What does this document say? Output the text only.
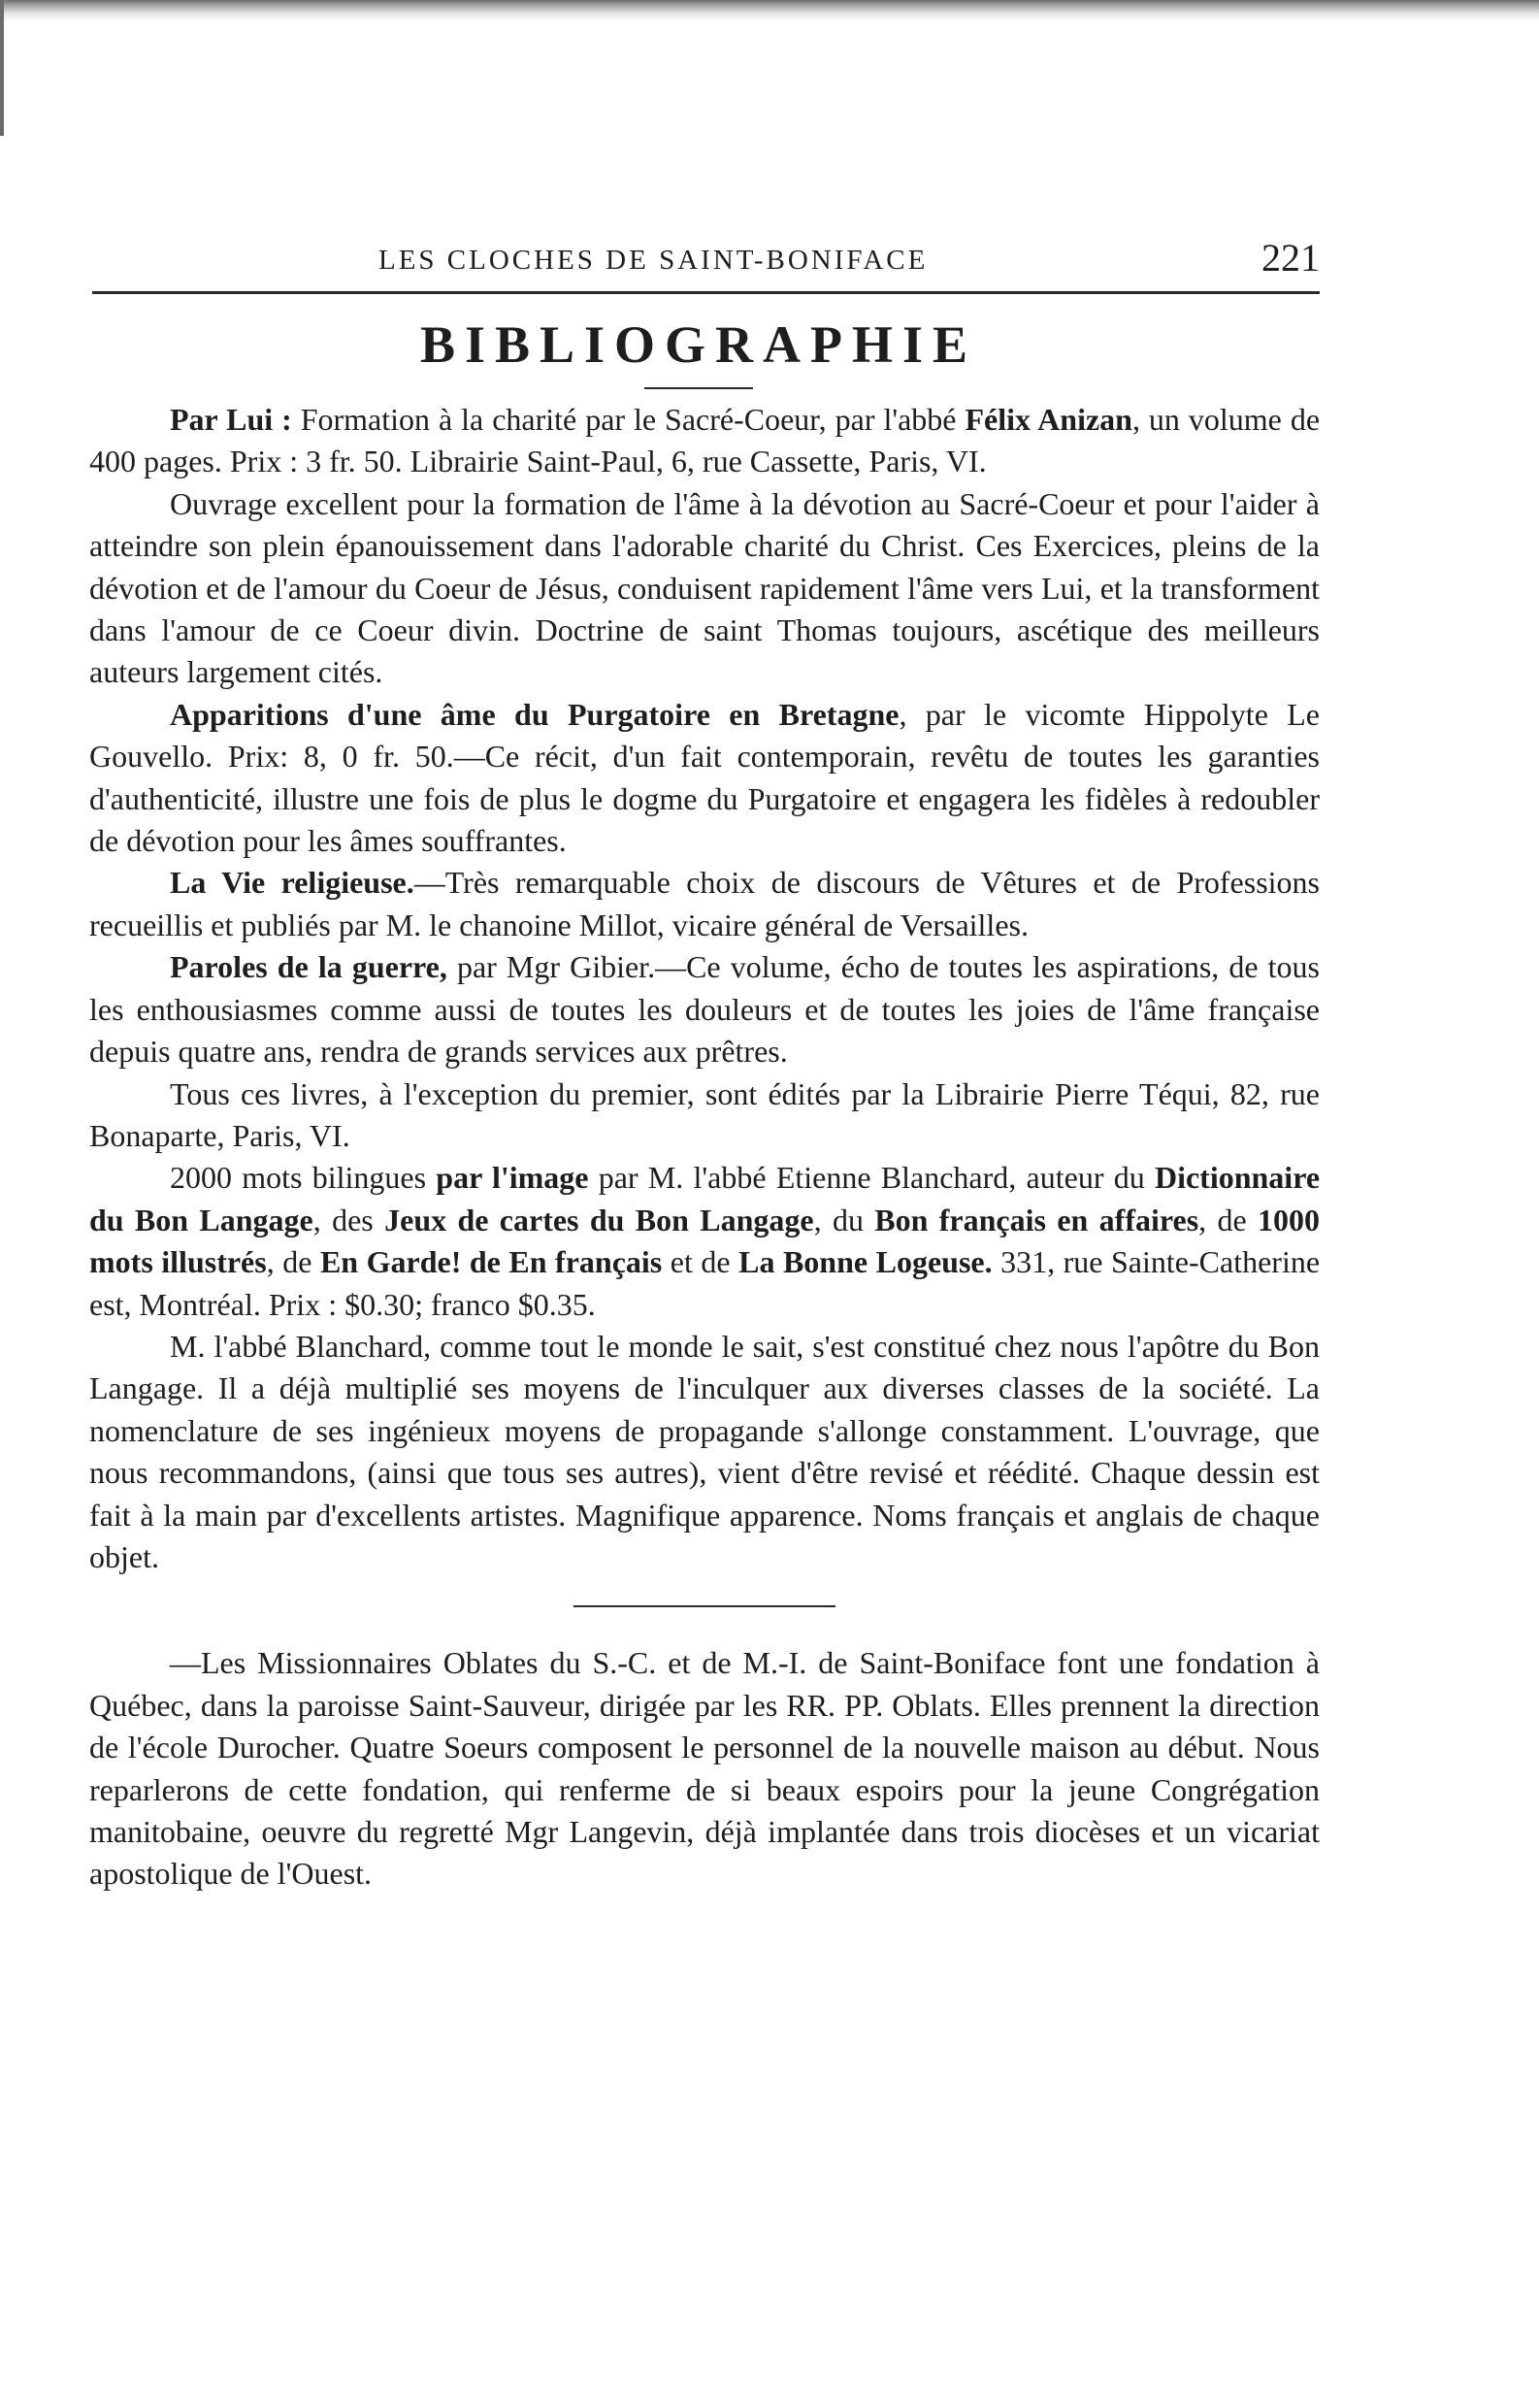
LES CLOCHES DE SAINT-BONIFACE	221
BIBLIOGRAPHIE

Par Lui : Formation à la charité par le Sacré-Coeur, par l'abbé Félix Anizan, un volume de 400 pages. Prix : 3 fr. 50. Librairie Saint-Paul, 6, rue Cassette, Paris, VI.

Ouvrage excellent pour la formation de l'âme à la dévotion au Sacré-Coeur et pour l'aider à atteindre son plein épanouissement dans l'adorable charité du Christ. Ces Exercices, pleins de la dévotion et de l'amour du Coeur de Jésus, conduisent rapidement l'âme vers Lui, et la transforment dans l'amour de ce Coeur divin. Doctrine de saint Thomas toujours, ascétique des meilleurs auteurs largement cités.

Apparitions d'une âme du Purgatoire en Bretagne, par le vicomte Hippolyte Le Gouvello. Prix: 8, 0 fr. 50.—Ce récit, d'un fait contemporain, revêtu de toutes les garanties d'authenticité, illustre une fois de plus le dogme du Purgatoire et engagera les fidèles à redoubler de dévotion pour les âmes souffrantes.

La Vie religieuse.—Très remarquable choix de discours de Vêtures et de Professions recueillis et publiés par M. le chanoine Millot, vicaire général de Versailles.

Paroles de la guerre, par Mgr Gibier.—Ce volume, écho de toutes les aspirations, de tous les enthousiasmes comme aussi de toutes les douleurs et de toutes les joies de l'âme française depuis quatre ans, rendra de grands services aux prêtres.

Tous ces livres, à l'exception du premier, sont édités par la Librairie Pierre Téqui, 82, rue Bonaparte, Paris, VI.

2000 mots bilingues par l'image par M. l'abbé Etienne Blanchard, auteur du Dictionnaire du Bon Langage, des Jeux de cartes du Bon Langage, du Bon français en affaires, de 1000 mots illustrés, de En Garde! de En français et de La Bonne Logeuse. 331, rue Sainte-Catherine est, Montréal. Prix : $0.30; franco $0.35.

M. l'abbé Blanchard, comme tout le monde le sait, s'est constitué chez nous l'apôtre du Bon Langage. Il a déjà multiplié ses moyens de l'inculquer aux diverses classes de la société. La nomenclature de ses ingénieux moyens de propagande s'allonge constamment. L'ouvrage, que nous recommandons, (ainsi que tous ses autres), vient d'être revisé et réédité. Chaque dessin est fait à la main par d'excellents artistes. Magnifique apparence. Noms français et anglais de chaque objet.

—Les Missionnaires Oblates du S.-C. et de M.-I. de Saint-Boniface font une fondation à Québec, dans la paroisse Saint-Sauveur, dirigée par les RR. PP. Oblats. Elles prennent la direction de l'école Durocher. Quatre Soeurs composent le personnel de la nouvelle maison au début. Nous reparlerons de cette fondation, qui renferme de si beaux espoirs pour la jeune Congrégation manitobaine, oeuvre du regretté Mgr Langevin, déjà implantée dans trois diocèses et un vicariat apostolique de l'Ouest.
